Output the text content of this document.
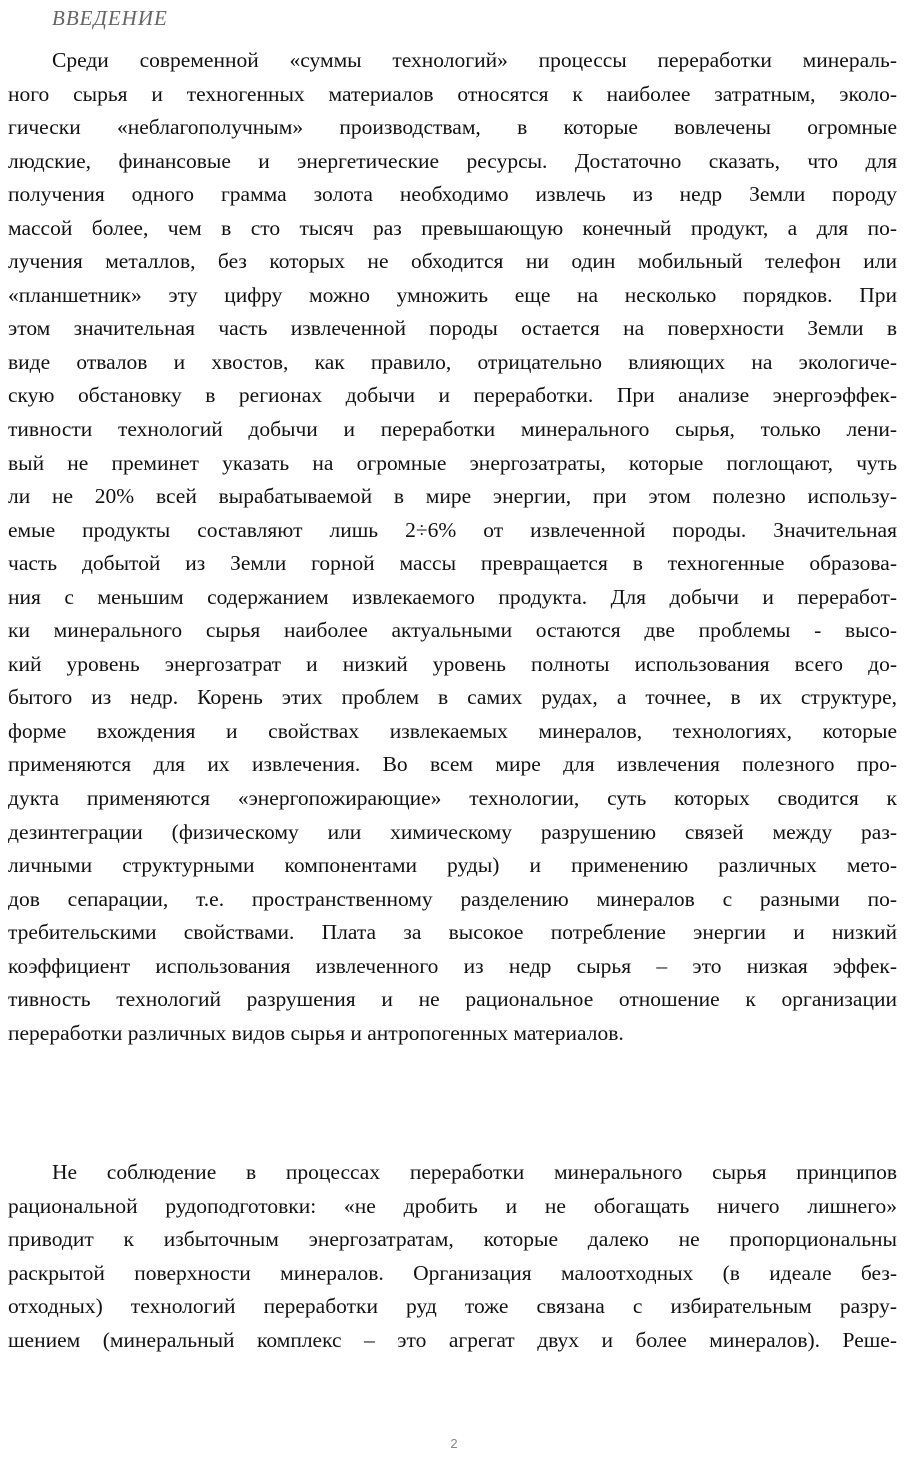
ВВЕДЕНИЕ
Среди современной «суммы технологий» процессы переработки минераль-
ного сырья и техногенных материалов относятся к наиболее затратным, эколо-
гически «неблагополучным» производствам, в которые вовлечены огромные
людские, финансовые и энергетические ресурсы. Достаточно сказать, что для
получения одного грамма золота необходимо извлечь из недр Земли породу
массой более, чем в сто тысяч раз превышающую конечный продукт, а для по-
лучения металлов, без которых не обходится ни один мобильный телефон или
«планшетник» эту цифру можно умножить еще на несколько порядков. При
этом значительная часть извлеченной породы остается на поверхности Земли в
виде отвалов и хвостов, как правило, отрицательно влияющих на экологиче-
скую обстановку в регионах добычи и переработки. При анализе энергоэффек-
тивности технологий добычи и переработки минерального сырья, только лени-
вый не преминет указать на огромные энергозатраты, которые поглощают, чуть
ли не 20% всей вырабатываемой в мире энергии, при этом полезно использу-
емые продукты составляют лишь 2÷6% от извлеченной породы. Значительная
часть добытой из Земли горной массы превращается в техногенные образова-
ния с меньшим содержанием извлекаемого продукта. Для добычи и переработ-
ки минерального сырья наиболее актуальными остаются две проблемы - высо-
кий уровень энергозатрат и низкий уровень полноты использования всего до-
бытого из недр. Корень этих проблем в самих рудах, а точнее, в их структуре,
форме вхождения и свойствах извлекаемых минералов, технологиях, которые
применяются для их извлечения. Во всем мире для извлечения полезного про-
дукта применяются «энергопожирающие» технологии, суть которых сводится к
дезинтеграции (физическому или химическому разрушению связей между раз-
личными структурными компонентами руды) и применению различных мето-
дов сепарации, т.е. пространственному разделению минералов с разными по-
требительскими свойствами. Плата за высокое потребление энергии и низкий
коэффициент использования извлеченного из недр сырья – это низкая эффек-
тивность технологий разрушения и не рациональное отношение к организации
переработки различных видов сырья и антропогенных материалов.
Не соблюдение в процессах переработки минерального сырья принципов
рациональной рудоподготовки: «не дробить и не обогащать ничего лишнего»
приводит к избыточным энергозатратам, которые далеко не пропорциональны
раскрытой поверхности минералов. Организация малоотходных (в идеале без-
отходных) технологий переработки руд тоже связана с избирательным разру-
шением (минеральный комплекс – это агрегат двух и более минералов). Реше-
2
